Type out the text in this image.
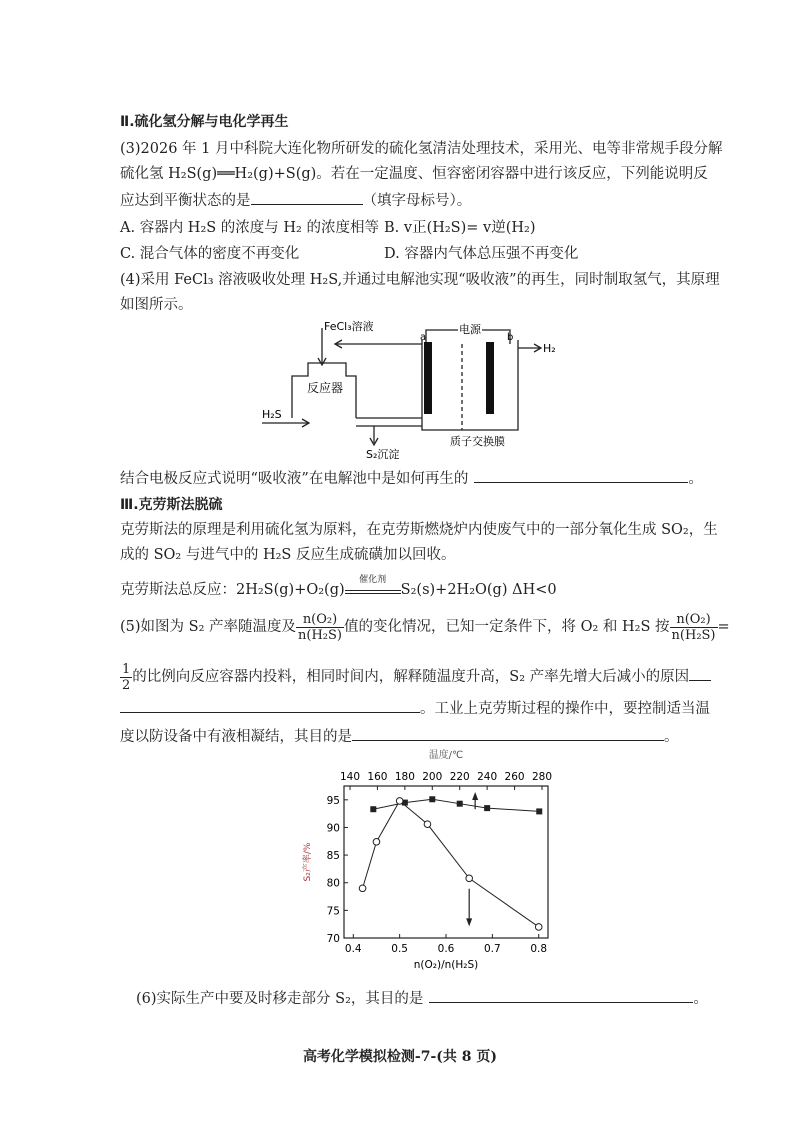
Ⅱ.硫化氢分解与电化学再生
(3)2026 年 1 月中科院大连化物所研发的硫化氢清洁处理技术，采用光、电等非常规手段分解
硫化氢 H₂S(g)══H₂(g)+S(g)。若在一定温度、恒容密闭容器中进行该反应，下列能说明反
应达到平衡状态的是	（填字母标号）。
A. 容器内 H₂S 的浓度与 H₂ 的浓度相等 B. v正(H₂S)= v逆(H₂)
C. 混合气体的密度不再变化	D. 容器内气体总压强不再变化
(4)采用 FeCl₃ 溶液吸收处理 H₂S,并通过电解池实现“吸收液”的再生，同时制取氢气，其原理
如图所示。
FeCl₃溶液	电源
a	b
H₂
反应器
H₂S
S₂沉淀
质子交换膜
结合电极反应式说明“吸收液”在电解池中是如何再生的	。
Ⅲ.克劳斯法脱硫
克劳斯法的原理是利用硫化氢为原料，在克劳斯燃烧炉内使废气中的一部分氧化生成 SO₂，生
成的 SO₂ 与进气中的 H₂S 反应生成硫磺加以回收。
克劳斯法总反应：2H₂S(g)+O₂(g)
催化剂
S₂(s)+2H₂O(g) ΔH<0
(5)如图为 S₂ 产率随温度及 $\frac{\text{n(O₂)}}{\text{n(H₂S)}}$ 值的变化情况，已知一定条件下，将 O₂ 和 H₂S 按 $\frac{\text{n(O₂)}}{\text{n(H₂S)}}$ =
$\frac{1}{2}$ 的比例向反应容器内投料，相同时间内，解释随温度升高，S₂ 产率先增大后减小的原因
。工业上克劳斯过程的操作中，要控制适当温
度以防设备中有液相凝结，其目的是	。
140 160 180 200 220 240 260 280
温度/℃
0.4	0.5	0.6	0.7	0.8
n(O₂)/n(H₂S)
70
75
80
85
90
95
S₂产率/%
(6)实际生产中要及时移走部分 S₂，其目的是	。
高考化学模拟检测-7-(共 8 页)
